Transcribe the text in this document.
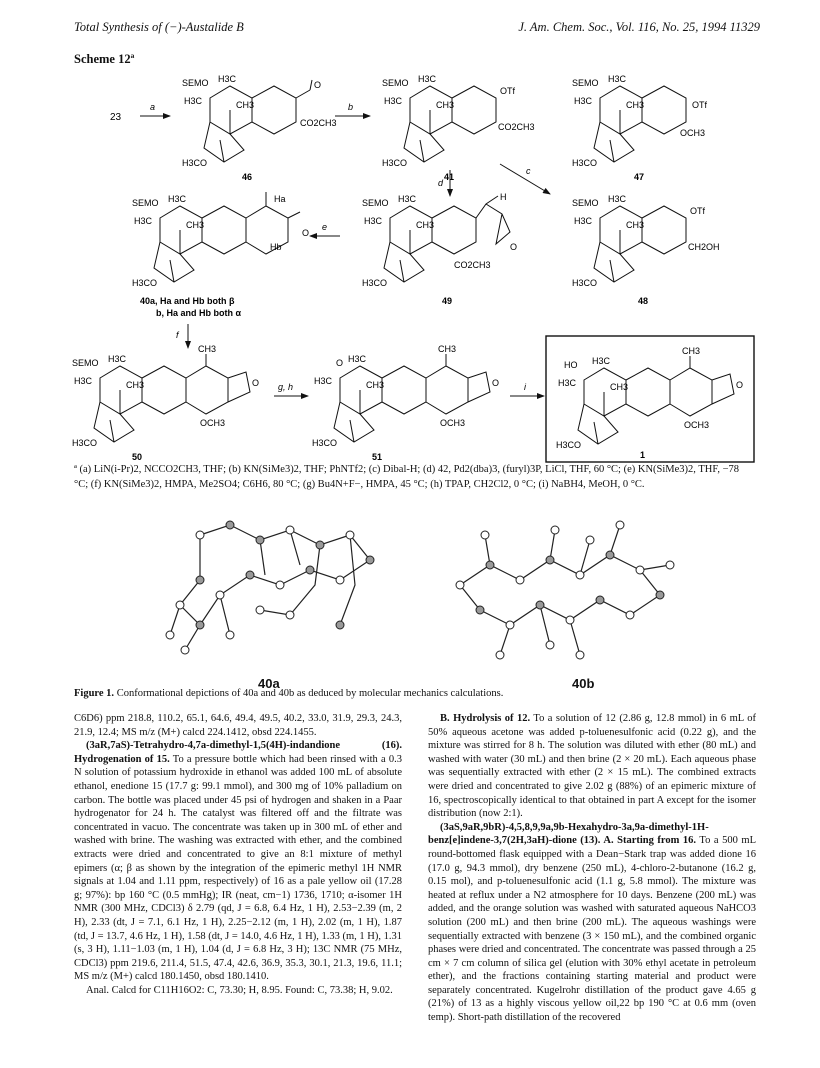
Total Synthesis of (−)-Austalide B	J. Am. Chem. Soc., Vol. 116, No. 25, 1994 11329
Scheme 12ª
23
a
SEMO H3C
H3C	CH3
CO2CH3
O
H3CO
46
b
SEMO H3C
H3C	CH3
OTf
CO2CH3
H3CO
41
SEMO H3C
H3C	CH3	OTf
OCH3
H3CO
47
d
c
SEMO H3C
H3C	CH3
Ha
Hb
O
H3CO
40a, Ha and Hb both β
b, Ha and Hb both α
e
SEMO H3C
H3C	CH3
H
O
CO2CH3
H3CO
49
SEMO H3C
H3C	CH3
OTf
CH2OH
H3CO
48
f
SEMO H3C
H3C	CH3
CH3
OCH3
O
H3CO
50
g, h
O H3C
H3C	CH3
CH3
OCH3
O
H3CO
51
i
HO H3C
H3C	CH3
CH3
OCH3
O
H3CO
1
ª (a) LiN(i-Pr)2, NCCO2CH3, THF; (b) KN(SiMe3)2, THF; PhNTf2; (c) Dibal-H; (d) 42, Pd2(dba)3, (furyl)3P, LiCl, THF, 60 °C; (e) KN(SiMe3)2, THF, −78 °C; (f) KN(SiMe3)2, HMPA, Me2SO4; C6H6, 80 °C; (g) Bu4N+F−, HMPA, 45 °C; (h) TPAP, CH2Cl2, 0 °C; (i) NaBH4, MeOH, 0 °C.
40a	40b
Figure 1. Conformational depictions of 40a and 40b as deduced by molecular mechanics calculations.

C6D6) ppm 218.8, 110.2, 65.1, 64.6, 49.4, 49.5, 40.2, 33.0, 31.9, 29.3, 24.3, 21.9, 12.4; MS m/z (M+) calcd 224.1412, obsd 224.1455.

(3aR,7aS)-Tetrahydro-4,7a-dimethyl-1,5(4H)-indandione (16). Hydrogenation of 15. To a pressure bottle which had been rinsed with a 0.3 N solution of potassium hydroxide in ethanol was added 100 mL of absolute ethanol, enedione 15 (17.7 g: 99.1 mmol), and 300 mg of 10% palladium on carbon. The bottle was placed under 45 psi of hydrogen and shaken in a Paar hydrogenator for 24 h. The catalyst was filtered off and the filtrate was concentrated in vacuo. The concentrate was taken up in 300 mL of ether and washed with brine. The washing was extracted with ether, and the combined extracts were dried and concentrated to give an 8:1 mixture of methyl epimers (α; β as shown by the integration of the epimeric methyl 1H NMR signals at 1.04 and 1.11 ppm, respectively) of 16 as a pale yellow oil (17.28 g; 97%): bp 160 °C (0.5 mmHg); IR (neat, cm−1) 1736, 1710; α-isomer 1H NMR (300 MHz, CDCl3) δ 2.79 (qd, J = 6.8, 6.4 Hz, 1 H), 2.53−2.39 (m, 2 H), 2.33 (dt, J = 7.1, 6.1 Hz, 1 H), 2.25−2.12 (m, 1 H), 2.02 (m, 1 H), 1.87 (td, J = 13.7, 4.6 Hz, 1 H), 1.58 (dt, J = 14.0, 4.6 Hz, 1 H), 1.33 (m, 1 H), 1.31 (s, 3 H), 1.11−1.03 (m, 1 H), 1.04 (d, J = 6.8 Hz, 3 H); 13C NMR (75 MHz, CDCl3) ppm 219.6, 211.4, 51.5, 47.4, 42.6, 36.9, 35.3, 30.1, 21.3, 19.6, 11.1; MS m/z (M+) calcd 180.1450, obsd 180.1410.

Anal. Calcd for C11H16O2: C, 73.30; H, 8.95. Found: C, 73.38; H, 9.02.

B. Hydrolysis of 12. To a solution of 12 (2.86 g, 12.8 mmol) in 6 mL of 50% aqueous acetone was added p-toluenesulfonic acid (0.22 g), and the mixture was stirred for 8 h. The solution was diluted with ether (80 mL) and washed with water (30 mL) and then brine (2 × 20 mL). Each aqueous phase was sequentially extracted with ether (2 × 15 mL). The combined extracts were dried and concentrated to give 2.02 g (88%) of an epimeric mixture of 16, spectroscopically identical to that obtained in part A except for the isomer distribution (now 2:1).

(3aS,9aR,9bR)-4,5,8,9,9a,9b-Hexahydro-3a,9a-dimethyl-1H-benz[e]indene-3,7(2H,3aH)-dione (13). A. Starting from 16. To a 500 mL round-bottomed flask equipped with a Dean−Stark trap was added dione 16 (17.0 g, 94.3 mmol), dry benzene (250 mL), 4-chloro-2-butanone (16.2 g, 0.15 mol), and p-toluenesulfonic acid (1.1 g, 5.8 mmol). The mixture was heated at reflux under a N2 atmosphere for 10 days. Benzene (200 mL) was added, and the orange solution was washed with saturated aqueous NaHCO3 solution (200 mL) and then brine (200 mL). The aqueous washings were sequentially extracted with benzene (3 × 150 mL), and the combined organic phases were dried and concentrated. The concentrate was passed through a 25 cm × 7 cm column of silica gel (elution with 30% ethyl acetate in petroleum ether), and the fractions containing starting material and product were separately concentrated. Kugelrohr distillation of the product gave 4.65 g (21%) of 13 as a highly viscous yellow oil,22 bp 190 °C at 0.6 mm (oven temp). Short-path distillation of the recovered
